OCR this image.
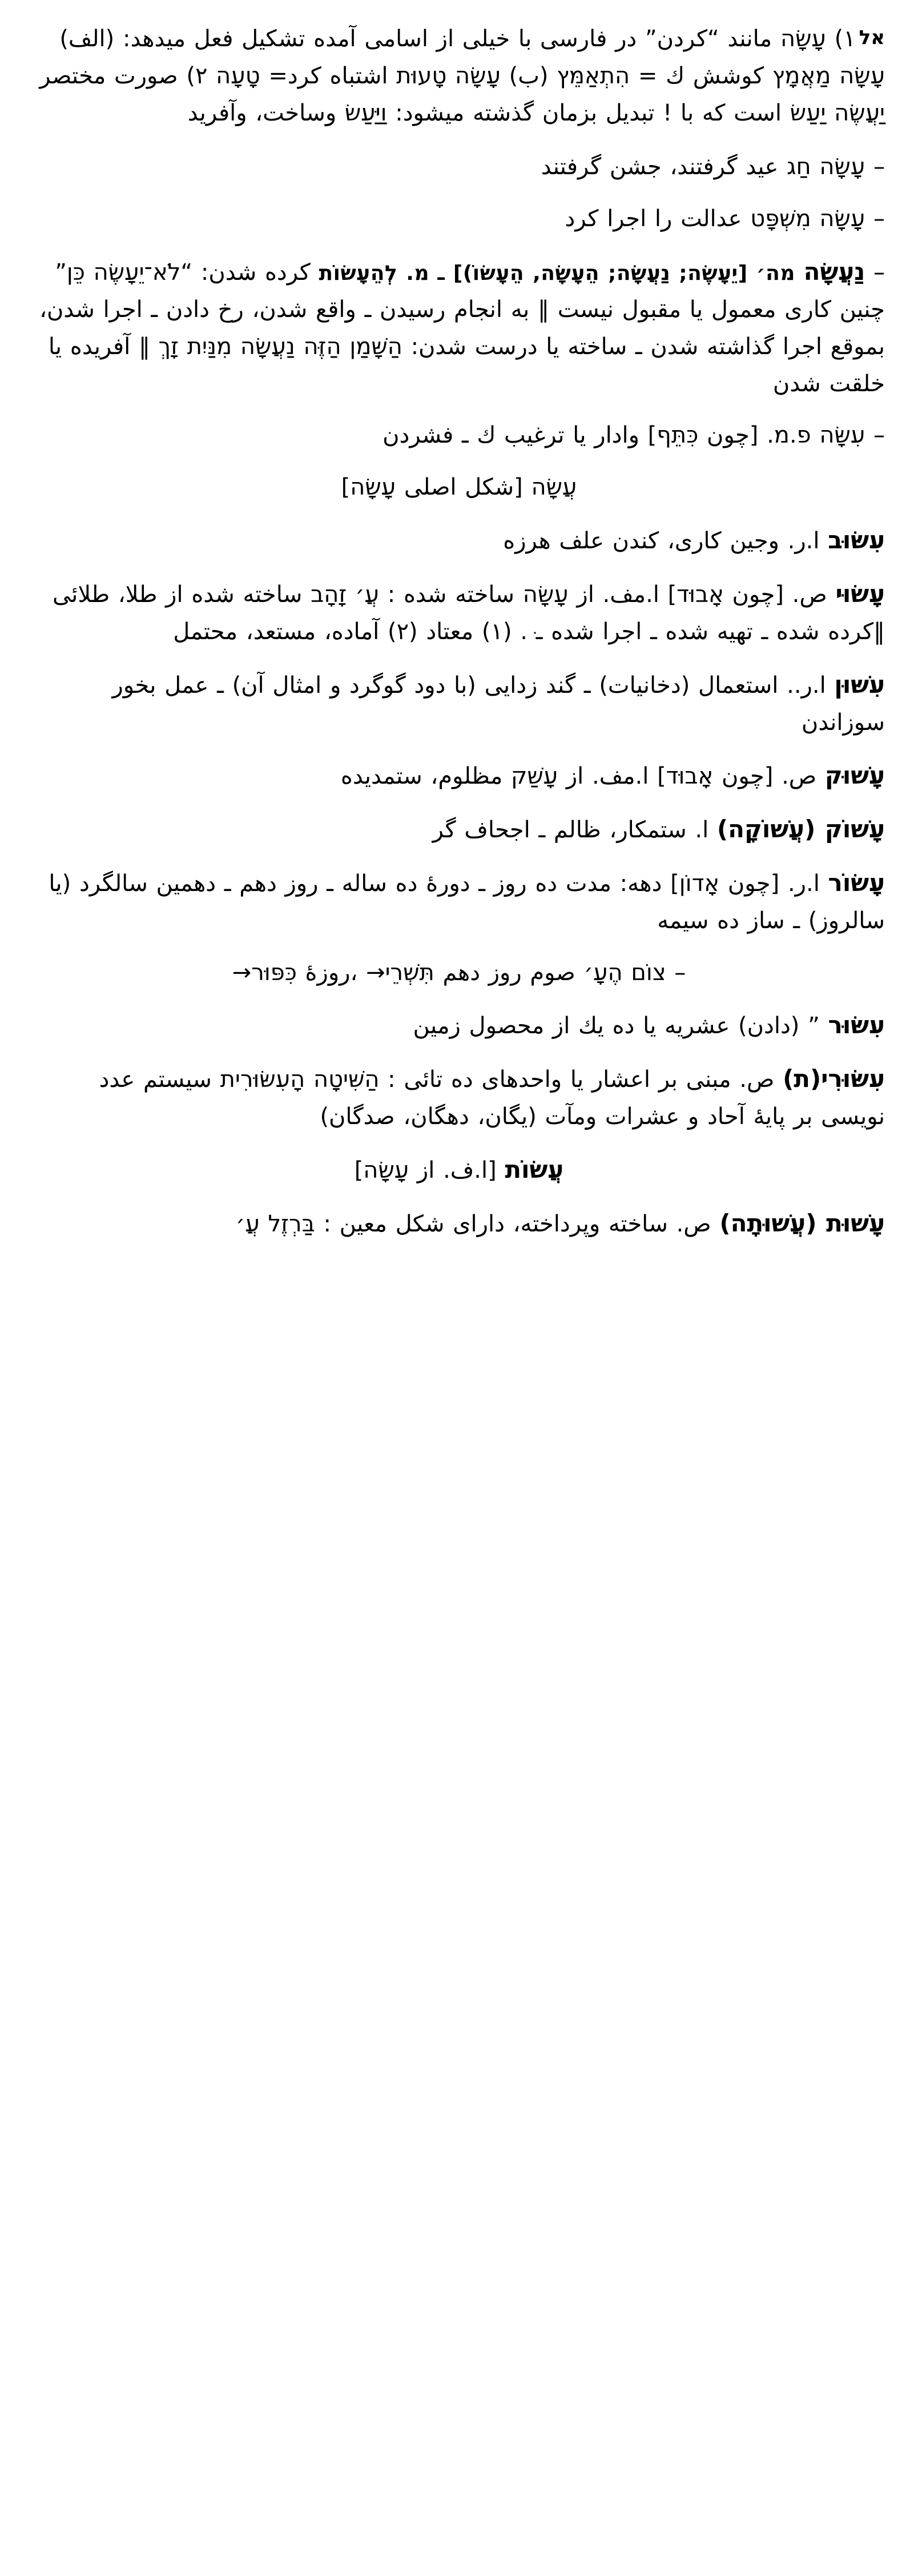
אל۱) עָשָׂה مانند “کردن” در فارسی با خیلی از اسامی آمده تشکیل فعل میدهد: (الف) עָשָׂה מַאֲמָץ كوشش ك = הִתְאַמֵּץ (ب) עָשָׂה טָעוּת اشتباه كرد= טָעָה ۲) صورت مختصر יַעֲשֶׂה יַעַשׂ است كه با ! تبدیل بزمان گذشته میشود: וַיַּעַשׂ وساخت، وآفرید
– עָשָׂה חַג عید گرفتند، جشن گرفتند
– עָשָׂה מִשְׁפָּט عدالت را اجرا كرد
– נַעֲשָׂה מה׳ [יֵעָשֶׂה; נַעֲשָׂה; הֵעָשָׂה, הֵעָשׂוֹ)] ـ מ. לְהֵעָשׂוֹת كرده شدن: “לֹא־יֵעָשֶׂה כֵּן” چنین كاری معمول یا مقبول نیست ‖ به انجام رسیدن ـ واقع شدن، رخ دادن ـ اجرا شدن، بموقع اجرا گذاشته شدن ـ ساخته یا درست شدن: הַשָּׁמַן הַזֶּה נַעֲשָׂה מִנַּיִת זָךְ ‖ آفریده یا خلقت شدن
– עִשָּׂה פ.מ. [چون כִּתֵּף] وادار یا ترغیب ك ـ فشردن
עֲשָׂה [شكل اصلی עָשָׂה]
עִשּׂוּב ا.ر. وجین كاری، كندن علف هرزه
עָשׂוּי ص. [چون אָבוּד] ا.مف. از עָשָׂה ساخته شده : עֲ׳ זָהָב ساخته شده از طلا، طلائی ‖كرده شده ـ تهیه شده ـ اجرا شده ـ ּ. (۱) معتاد (۲) آماده، مستعد، محتمل
עִשּׁוּן ا.ر.. استعمال (دخانیات) ـ گند زدایی (با دود گوگرد و امثال آن) ـ عمل بخور سوزاندن
עָשׁוּק ص. [چون אָבוּד] ا.مف. از עָשַׁק مظلوم، ستمدیده
עָשׁוֹק (עֲשׁוֹקָה) ا. ستمكار، ظالم ـ اجحاف گر
עָשׂוֹר ا.ر. [چون אָדוֹן] دهه: مدت ده روز ـ دورۀ ده ساله ـ روز دهم ـ دهمین سالگرد (یا سالروز) ـ ساز ده سیمه
– צוֹם הֶעָ׳ صوم روز دهم תִּשְׁרֵי→ ،روزۀ כִּפּוּר→
עִשּׂוּר ” (دادن) عشریه یا ده یك از محصول زمین
עִשּׂוּרִי(ת) ص. مبنی بر اعشار یا واحدهای ده تائی : הַשִּׁיטָה הָעִשּׂוּרִית سیستم عدد نویسی بر پایۀ آحاد و عشرات ومآت (یگان، دهگان، صدگان)
עֲשׂוֹת [ا.ف. از עָשָׂה]
עָשׁוּת (עֲשׁוּתָה) ص. ساخته وپرداخته، دارای شكل معین : בַּרְזֶל עֲ׳
